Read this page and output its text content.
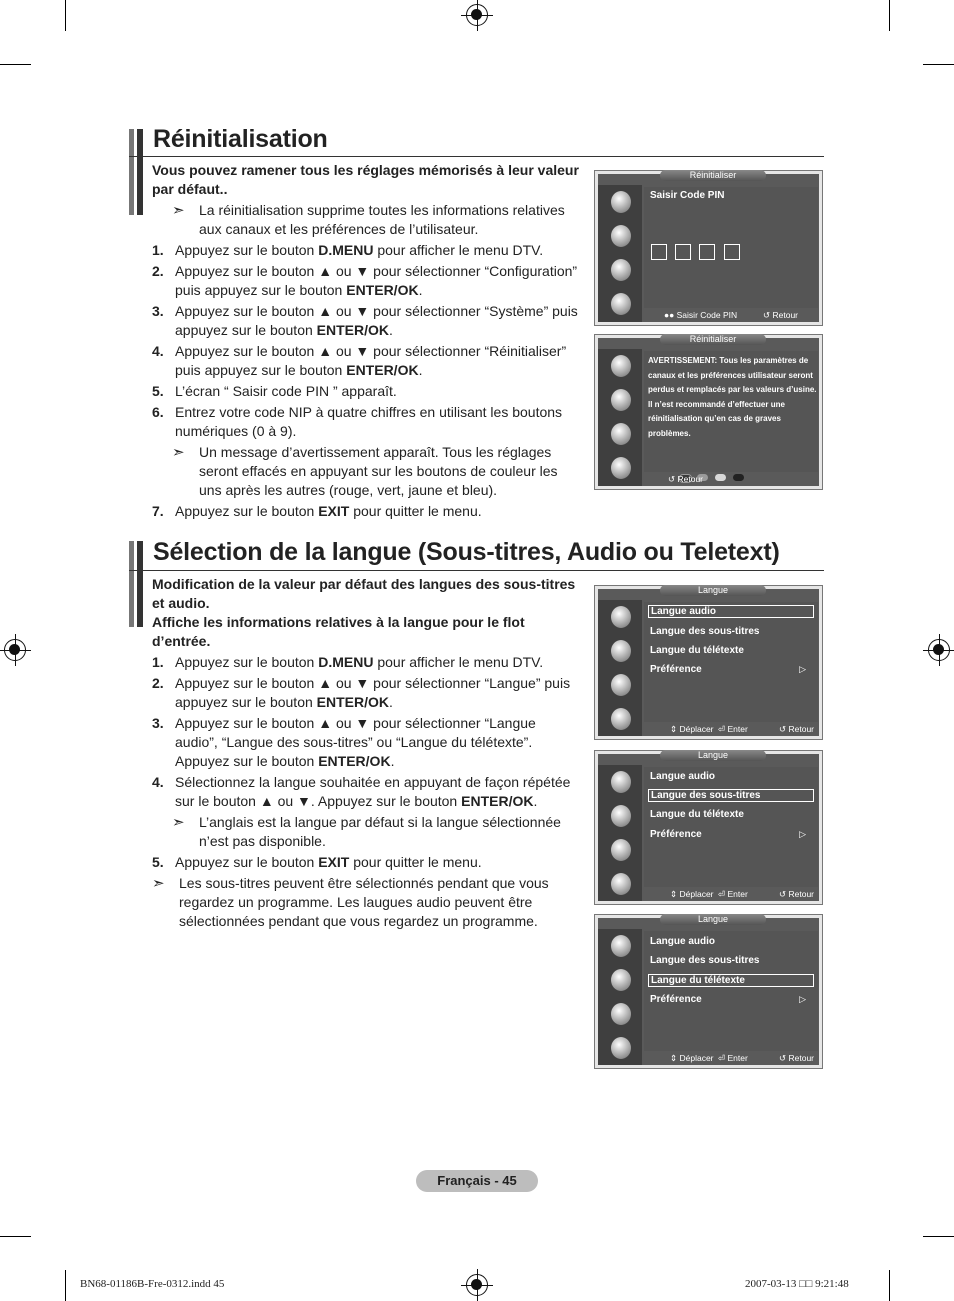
Réinitialisation

Vous pouvez ramener tous les réglages mémorisés à leur valeur par défaut..

➣	La réinitialisation supprime toutes les informations relatives aux canaux et les préférences de l’utilisateur.
1. Appuyez sur le bouton D.MENU pour afficher le menu DTV.
2. Appuyez sur le bouton ▲ ou ▼ pour sélectionner “Configuration” puis appuyez sur le bouton ENTER/OK.
3. Appuyez sur le bouton ▲ ou ▼ pour sélectionner “Système” puis appuyez sur le bouton ENTER/OK.
4. Appuyez sur le bouton ▲ ou ▼ pour sélectionner “Réinitialiser” puis appuyez sur le bouton ENTER/OK.
5. L’écran “ Saisir code PIN ” apparaît.
6. Entrez votre code NIP à quatre chiffres en utilisant les boutons numériques (0 à 9).
➣	Un message d’avertissement apparaît. Tous les réglages seront effacés en appuyant sur les boutons de couleur les uns après les autres (rouge, vert, jaune et bleu).
7. Appuyez sur le bouton EXIT pour quitter le menu.
Saisir Code PIN
●● Saisir Code PIN	↺ Retour
Réinitialiser
AVERTISSEMENT: Tous les paramètres de canaux et les préférences utilisateur seront perdus et remplacés par les valeurs d’usine. Il n’est recommandé d’effectuer une réinitialisation qu’en cas de graves problèmes.
↺ Retour
Réinitialiser
Sélection de la langue (Sous-titres, Audio ou Teletext)

Modification de la valeur par défaut des langues des sous-titres et audio.

Affiche les informations relatives à la langue pour le flot d’entrée.

1. Appuyez sur le bouton D.MENU pour afficher le menu DTV.
2. Appuyez sur le bouton ▲ ou ▼ pour sélectionner “Langue” puis appuyez sur le bouton ENTER/OK.
3. Appuyez sur le bouton ▲ ou ▼ pour sélectionner “Langue audio”, “Langue des sous-titres” ou “Langue du télétexte”. Appuyez sur le bouton ENTER/OK.
4. Sélectionnez la langue souhaitée en appuyant de façon répétée sur le bouton ▲ ou ▼. Appuyez sur le bouton ENTER/OK.
➣	L’anglais est la langue par défaut si la langue sélectionnée n’est pas disponible.
5. Appuyez sur le bouton EXIT pour quitter le menu.
➣	Les sous-titres peuvent être sélectionnés pendant que vous regardez un programme. Les laugues audio peuvent être sélectionnées pendant que vous regardez un programme.
Langue audio
Langue des sous-titres
Langue du télétexte
Préférence	▷
⇕ Déplacer ⏎ Enter	↺ Retour
Langue
Langue audio
Langue des sous-titres
Langue du télétexte
Préférence	▷
⇕ Déplacer ⏎ Enter	↺ Retour
Langue
Langue audio
Langue des sous-titres
Langue du télétexte
Préférence	▷
⇕ Déplacer ⏎ Enter	↺ Retour
Langue
Français - 45
BN68-01186B-Fre-0312.indd 45	2007-03-13 □□ 9:21:48
